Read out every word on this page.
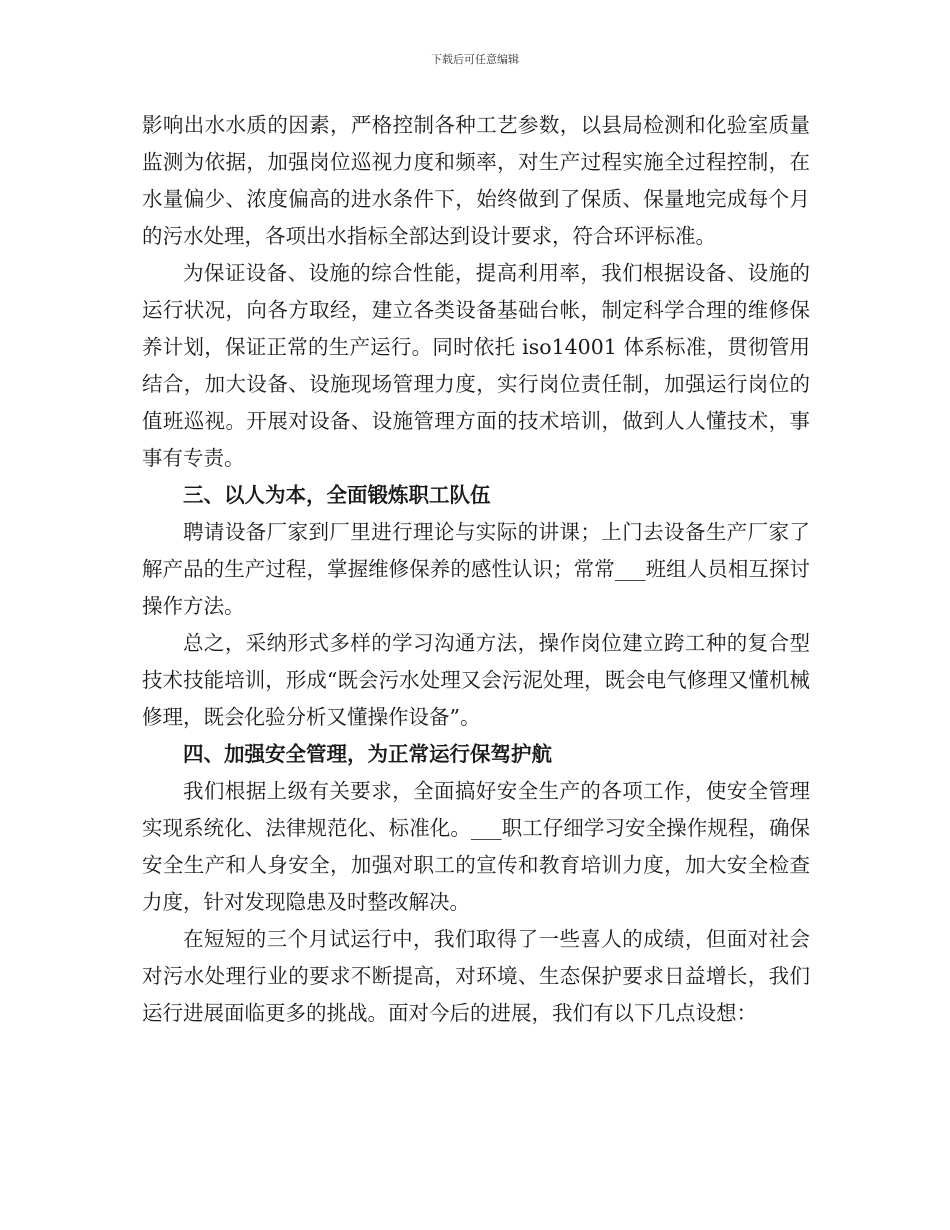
下载后可任意编辑

影响出水水质的因素，严格控制各种工艺参数，以县局检测和化验室质量监测为依据，加强岗位巡视力度和频率，对生产过程实施全过程控制，在水量偏少、浓度偏高的进水条件下，始终做到了保质、保量地完成每个月的污水处理，各项出水指标全部达到设计要求，符合环评标准。

为保证设备、设施的综合性能，提高利用率，我们根据设备、设施的运行状况，向各方取经，建立各类设备基础台帐，制定科学合理的维修保养计划，保证正常的生产运行。同时依托 iso14001 体系标准，贯彻管用结合，加大设备、设施现场管理力度，实行岗位责任制，加强运行岗位的值班巡视。开展对设备、设施管理方面的技术培训，做到人人懂技术，事事有专责。

三、以人为本，全面锻炼职工队伍

聘请设备厂家到厂里进行理论与实际的讲课；上门去设备生产厂家了解产品的生产过程，掌握维修保养的感性认识；常常___班组人员相互探讨操作方法。

总之，采纳形式多样的学习沟通方法，操作岗位建立跨工种的复合型技术技能培训，形成“既会污水处理又会污泥处理，既会电气修理又懂机械修理，既会化验分析又懂操作设备”。

四、加强安全管理，为正常运行保驾护航

我们根据上级有关要求，全面搞好安全生产的各项工作，使安全管理实现系统化、法律规范化、标准化。___职工仔细学习安全操作规程，确保安全生产和人身安全，加强对职工的宣传和教育培训力度，加大安全检查力度，针对发现隐患及时整改解决。

在短短的三个月试运行中，我们取得了一些喜人的成绩，但面对社会对污水处理行业的要求不断提高，对环境、生态保护要求日益增长，我们运行进展面临更多的挑战。面对今后的进展，我们有以下几点设想：
